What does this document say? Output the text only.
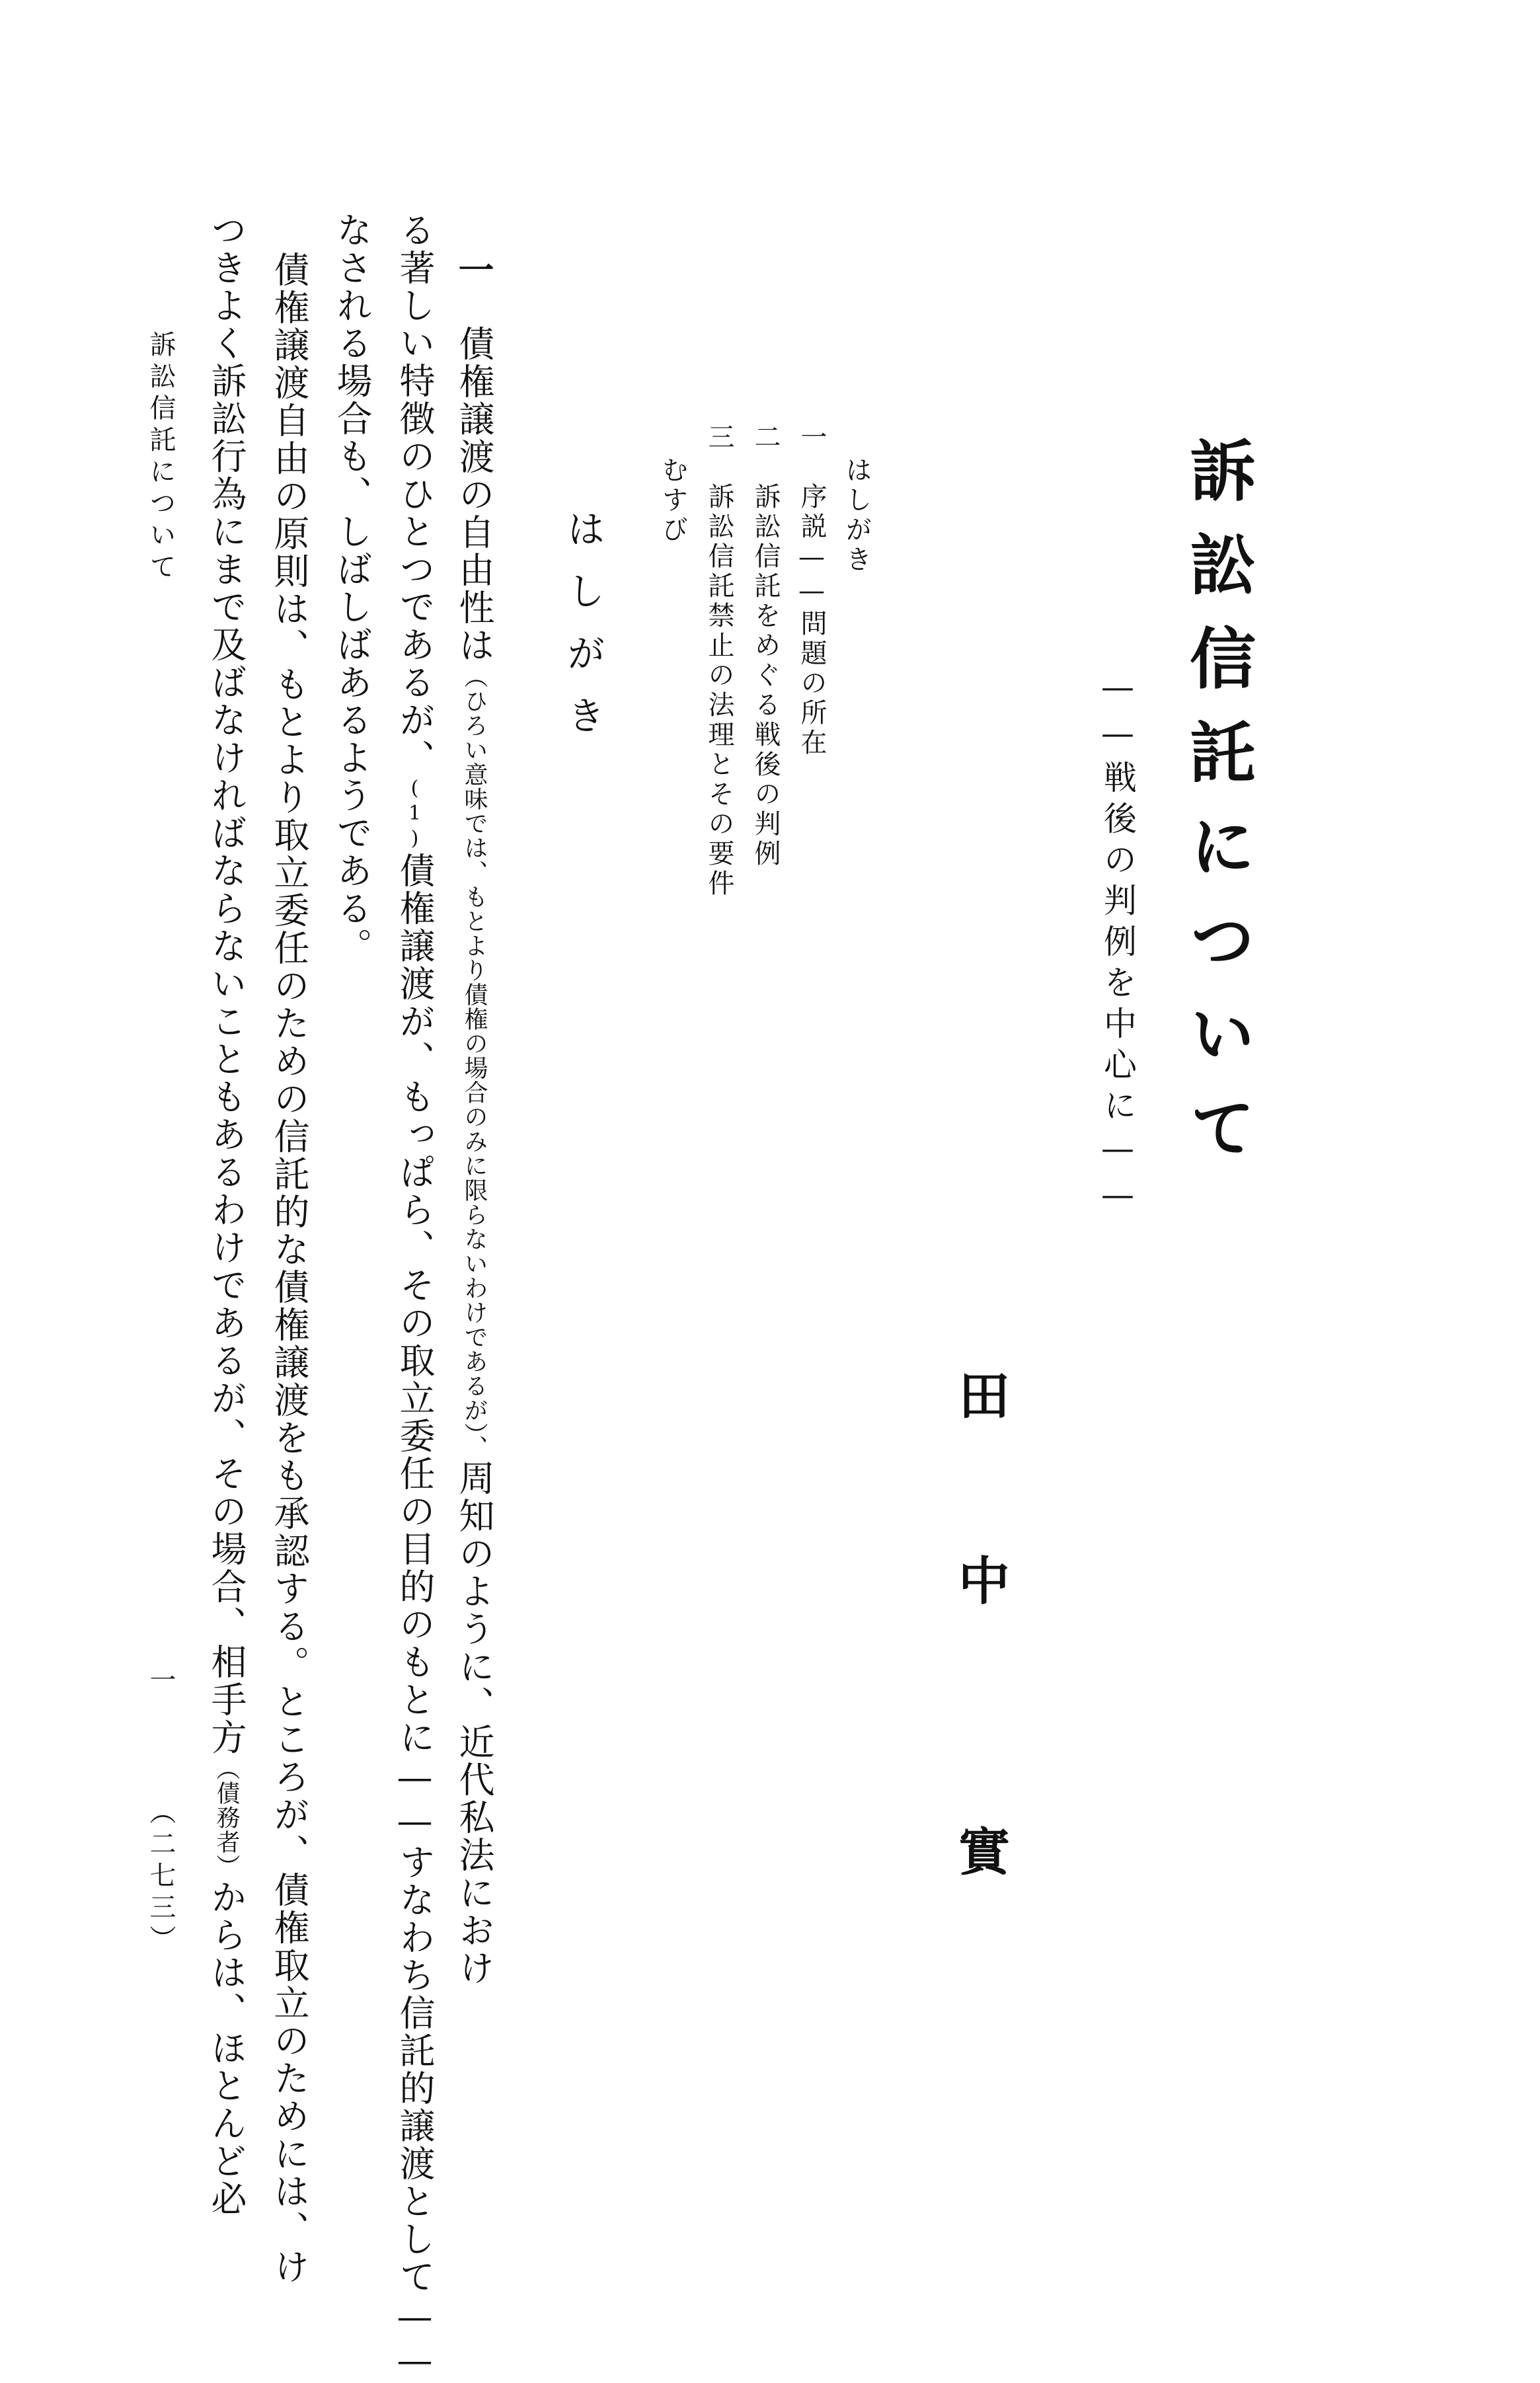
訴訟信託について
——戦後の判例を中心に——
田
中
實
はしがき
一　序説——問題の所在
二　訴訟信託をめぐる戦後の判例
三　訴訟信託禁止の法理とその要件
むすび
はしがき
一債権譲渡の自由性は（ひろい意味では、もとより債権の場合のみに限らないわけであるが）、周知のように、近代私法におけ
る著しい特徴のひとつであるが、(1)債権譲渡が、もっぱら、その取立委任の目的のもとに——すなわち信託的譲渡として——
なされる場合も、しばしばあるようである。
債権譲渡自由の原則は、もとより取立委任のための信託的な債権譲渡をも承認する。ところが、債権取立のためには、け
つきよく訴訟行為にまで及ばなければならないこともあるわけであるが、その場合、相手方（債務者）からは、ほとんど必
訴訟信託について
一
（二七三）
